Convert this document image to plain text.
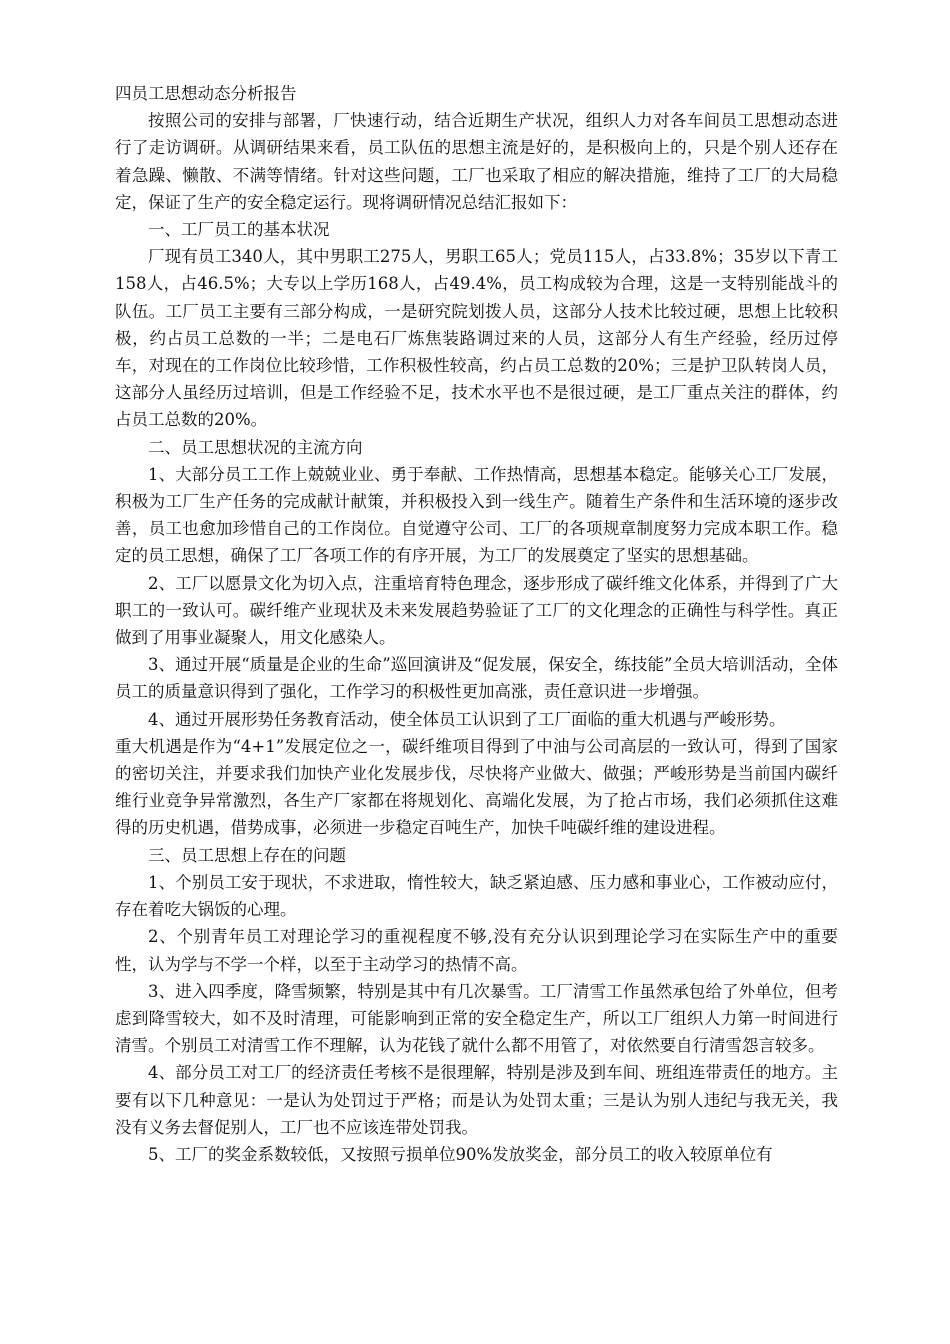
四员工思想动态分析报告

按照公司的安排与部署，厂快速行动，结合近期生产状况，组织人力对各车间员工思想动态进行了走访调研。从调研结果来看，员工队伍的思想主流是好的，是积极向上的，只是个别人还存在着急躁、懒散、不满等情绪。针对这些问题，工厂也采取了相应的解决措施，维持了工厂的大局稳定，保证了生产的安全稳定运行。现将调研情况总结汇报如下：

一、工厂员工的基本状况

厂现有员工340人，其中男职工275人，男职工65人；党员115人，占33.8%；35岁以下青工158人，占46.5%；大专以上学历168人，占49.4%，员工构成较为合理，这是一支特别能战斗的队伍。工厂员工主要有三部分构成，一是研究院划拨人员，这部分人技术比较过硬，思想上比较积极，约占员工总数的一半；二是电石厂炼焦装路调过来的人员，这部分人有生产经验，经历过停车，对现在的工作岗位比较珍惜，工作积极性较高，约占员工总数的20%；三是护卫队转岗人员，这部分人虽经历过培训，但是工作经验不足，技术水平也不是很过硬，是工厂重点关注的群体，约占员工总数的20%。

二、员工思想状况的主流方向

1、大部分员工工作上兢兢业业、勇于奉献、工作热情高，思想基本稳定。能够关心工厂发展，积极为工厂生产任务的完成献计献策，并积极投入到一线生产。随着生产条件和生活环境的逐步改善，员工也愈加珍惜自己的工作岗位。自觉遵守公司、工厂的各项规章制度努力完成本职工作。稳定的员工思想，确保了工厂各项工作的有序开展，为工厂的发展奠定了坚实的思想基础。

2、工厂以愿景文化为切入点，注重培育特色理念，逐步形成了碳纤维文化体系，并得到了广大职工的一致认可。碳纤维产业现状及未来发展趋势验证了工厂的文化理念的正确性与科学性。真正做到了用事业凝聚人，用文化感染人。

3、通过开展“质量是企业的生命”巡回演讲及“促发展，保安全，练技能”全员大培训活动，全体员工的质量意识得到了强化，工作学习的积极性更加高涨，责任意识进一步增强。

4、通过开展形势任务教育活动，使全体员工认识到了工厂面临的重大机遇与严峻形势。

重大机遇是作为“4+1”发展定位之一，碳纤维项目得到了中油与公司高层的一致认可，得到了国家的密切关注，并要求我们加快产业化发展步伐，尽快将产业做大、做强；严峻形势是当前国内碳纤维行业竞争异常激烈，各生产厂家都在将规划化、高端化发展，为了抢占市场，我们必须抓住这难得的历史机遇，借势成事，必须进一步稳定百吨生产，加快千吨碳纤维的建设进程。

三、员工思想上存在的问题

1、个别员工安于现状，不求进取，惰性较大，缺乏紧迫感、压力感和事业心，工作被动应付，存在着吃大锅饭的心理。

2、个别青年员工对理论学习的重视程度不够,没有充分认识到理论学习在实际生产中的重要性，认为学与不学一个样，以至于主动学习的热情不高。

3、进入四季度，降雪频繁，特别是其中有几次暴雪。工厂清雪工作虽然承包给了外单位，但考虑到降雪较大，如不及时清理，可能影响到正常的安全稳定生产，所以工厂组织人力第一时间进行清雪。个别员工对清雪工作不理解，认为花钱了就什么都不用管了，对依然要自行清雪怨言较多。

4、部分员工对工厂的经济责任考核不是很理解，特别是涉及到车间、班组连带责任的地方。主要有以下几种意见：一是认为处罚过于严格；而是认为处罚太重；三是认为别人违纪与我无关，我没有义务去督促别人，工厂也不应该连带处罚我。

5、工厂的奖金系数较低，又按照亏损单位90%发放奖金，部分员工的收入较原单位有
